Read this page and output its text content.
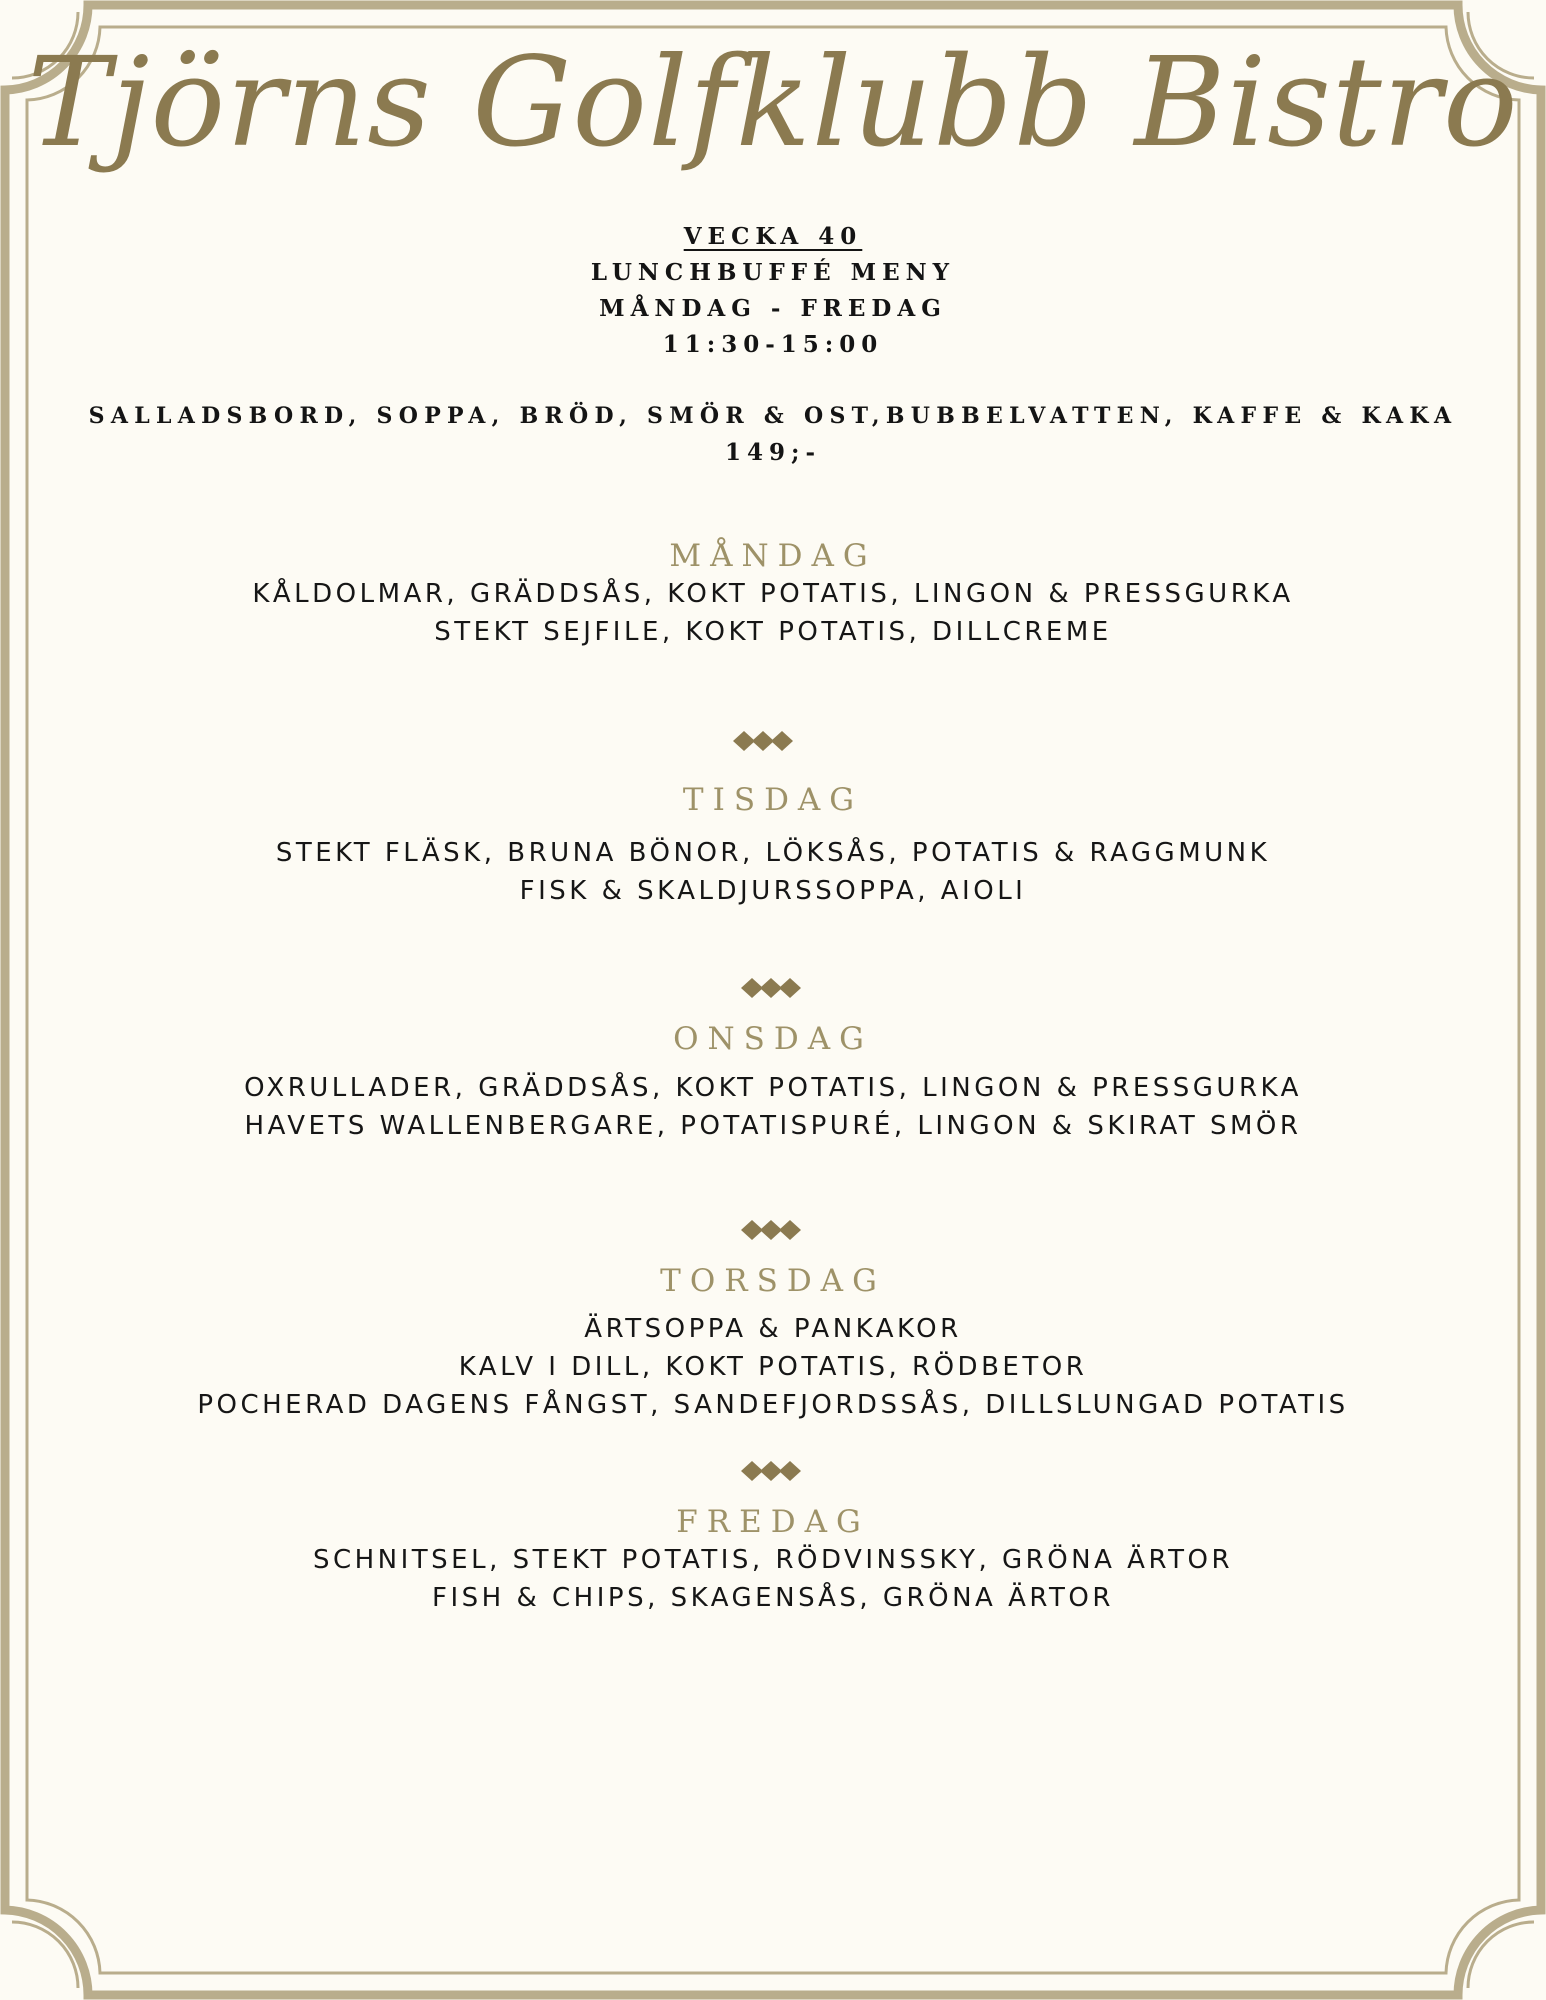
Tjörns Golfklubb Bistro
VECKA 40
LUNCHBUFFÉ MENY
MÅNDAG - FREDAG
11:30-15:00
SALLADSBORD, SOPPA, BRÖD, SMÖR & OST,BUBBELVATTEN, KAFFE & KAKA
149;-
MÅNDAG
KÅLDOLMAR, GRÄDDSÅS, KOKT POTATIS, LINGON & PRESSGURKA
STEKT SEJFILE, KOKT POTATIS, DILLCREME
TISDAG
STEKT FLÄSK, BRUNA BÖNOR, LÖKSÅS, POTATIS & RAGGMUNK
FISK & SKALDJURSSOPPA, AIOLI
ONSDAG
OXRULLADER, GRÄDDSÅS, KOKT POTATIS, LINGON & PRESSGURKA
HAVETS WALLENBERGARE, POTATISPURÉ, LINGON & SKIRAT SMÖR
TORSDAG
ÄRTSOPPA & PANKAKOR
KALV I DILL, KOKT POTATIS, RÖDBETOR
POCHERAD DAGENS FÅNGST, SANDEFJORDSSÅS, DILLSLUNGAD POTATIS
FREDAG
SCHNITSEL, STEKT POTATIS, RÖDVINSSKY, GRÖNA ÄRTOR
FISH & CHIPS, SKAGENSÅS, GRÖNA ÄRTOR
